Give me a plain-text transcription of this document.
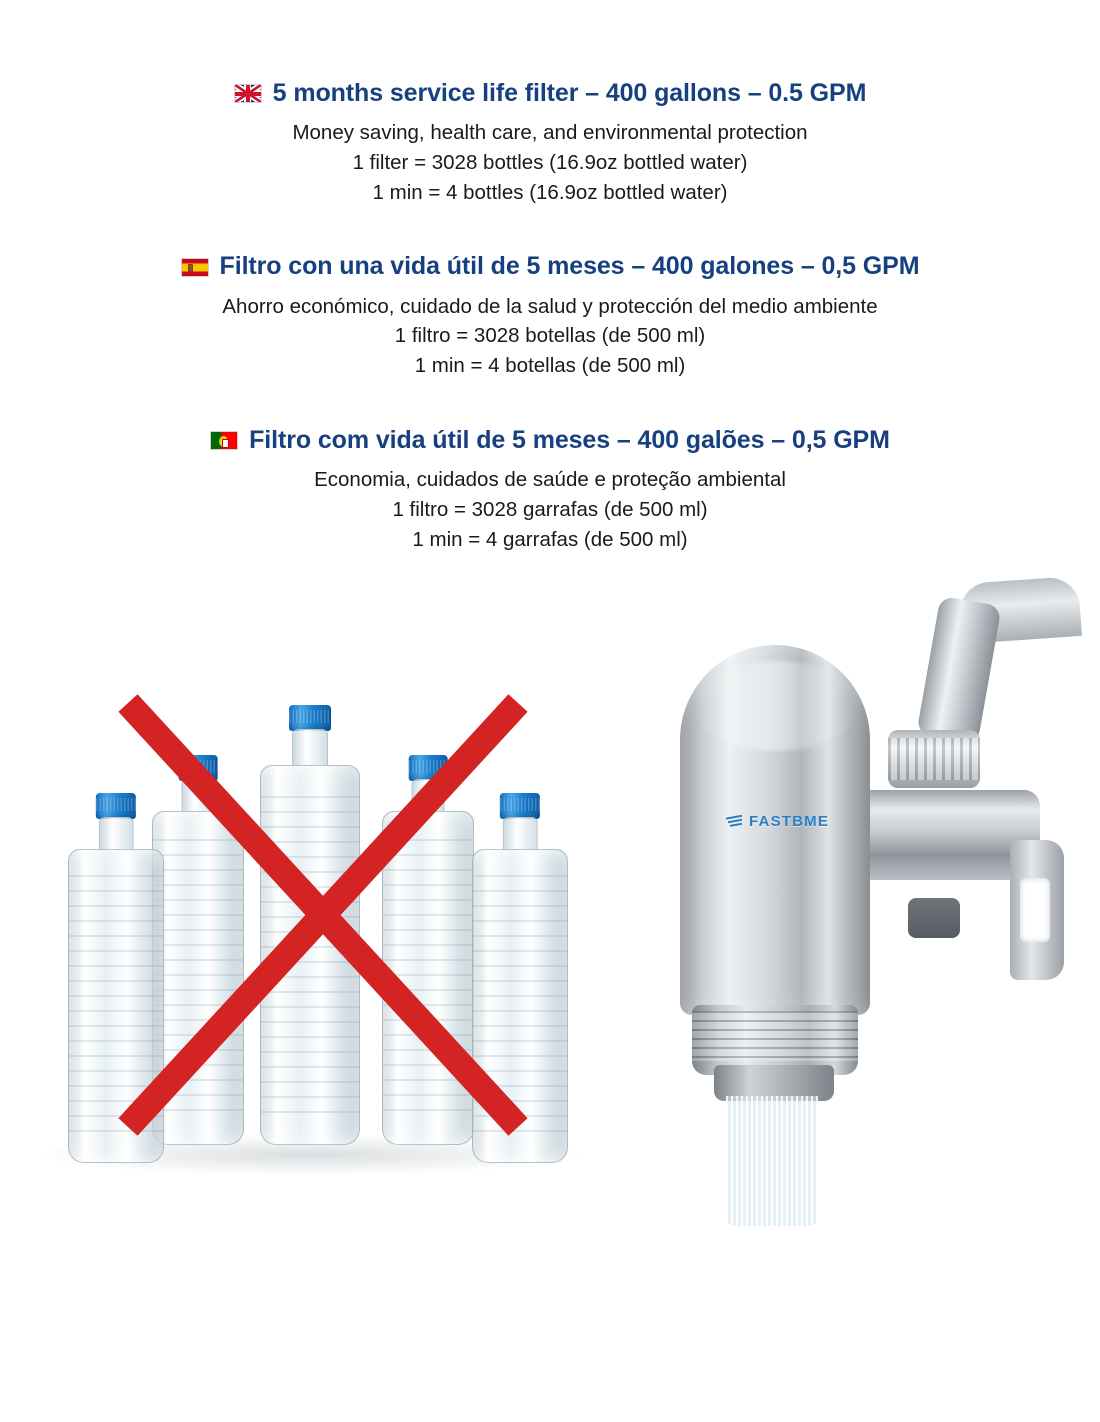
5 months service life filter – 400 gallons – 0.5 GPM
Money saving, health care, and environmental protection
1 filter = 3028 bottles (16.9oz bottled water)
1 min = 4 bottles (16.9oz bottled water)
Filtro con una vida útil de 5 meses – 400 galones – 0,5 GPM
Ahorro económico, cuidado de la salud y protección del medio ambiente
1 filtro = 3028 botellas (de 500 ml)
1 min = 4 botellas (de 500 ml)
Filtro com vida útil de 5 meses – 400 galões – 0,5 GPM
Economia, cuidados de saúde e proteção ambiental
1 filtro = 3028 garrafas (de 500 ml)
1 min = 4 garrafas (de 500 ml)
FASTBME
